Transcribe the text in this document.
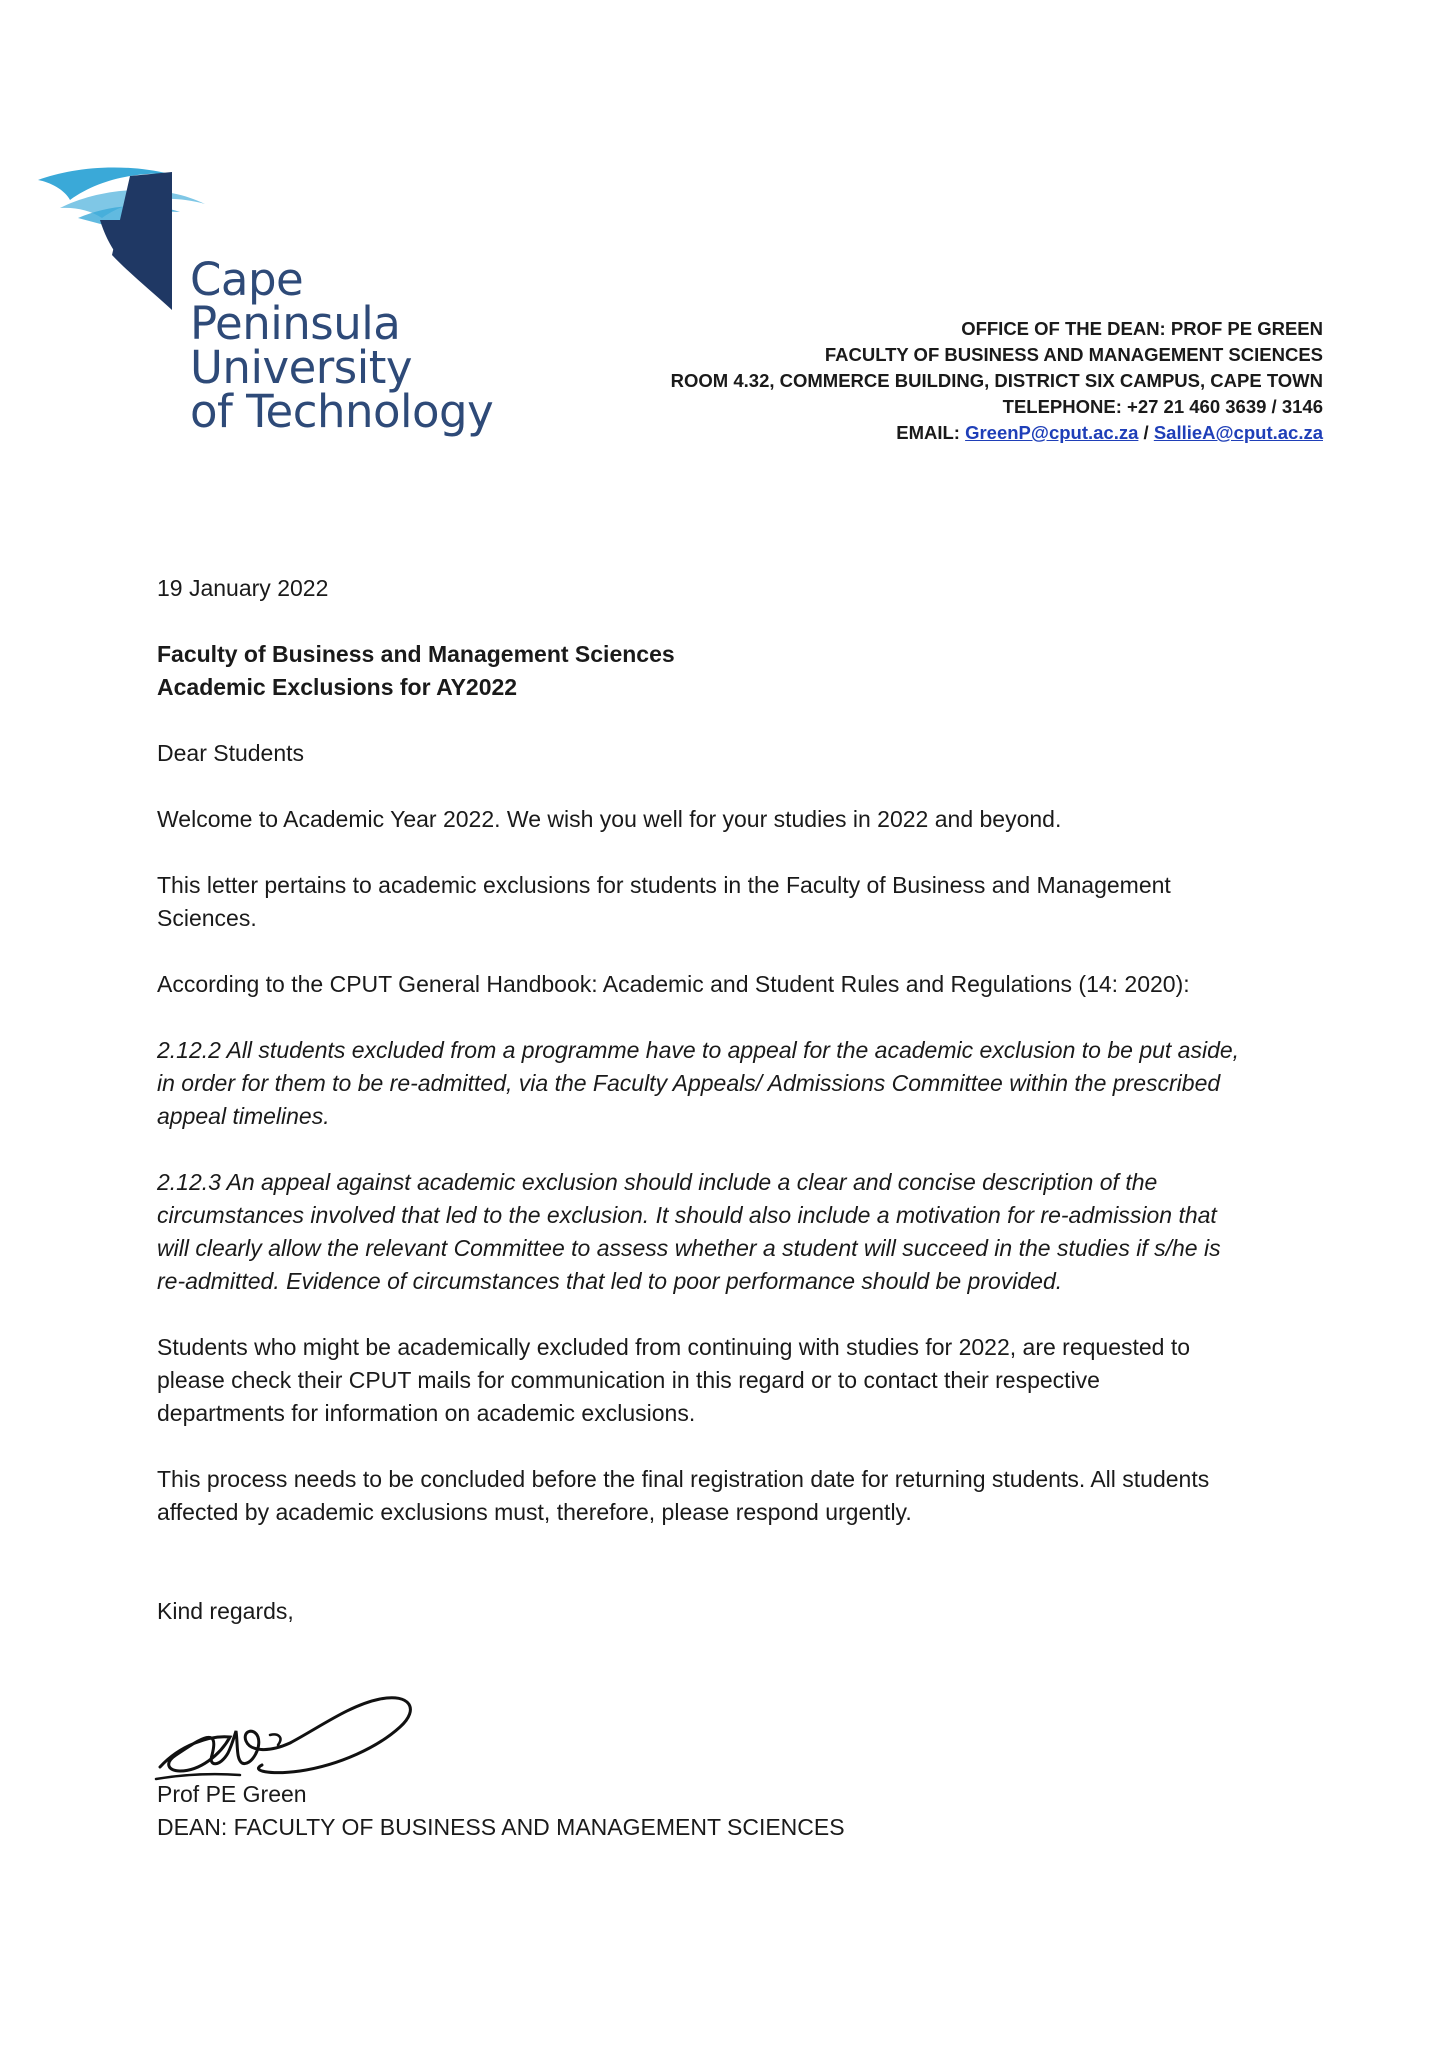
Cape
Peninsula
University
of Technology
OFFICE OF THE DEAN: PROF PE GREEN
FACULTY OF BUSINESS AND MANAGEMENT SCIENCES
ROOM 4.32, COMMERCE BUILDING, DISTRICT SIX CAMPUS, CAPE TOWN
TELEPHONE: +27 21 460 3639 / 3146
EMAIL: GreenP@cput.ac.za / SallieA@cput.ac.za
19 January 2022
Faculty of Business and Management Sciences
Academic Exclusions for AY2022
Dear Students
Welcome to Academic Year 2022. We wish you well for your studies in 2022 and beyond.
This letter pertains to academic exclusions for students in the Faculty of Business and Management
Sciences.
According to the CPUT General Handbook: Academic and Student Rules and Regulations (14: 2020):
2.12.2 All students excluded from a programme have to appeal for the academic exclusion to be put aside,
in order for them to be re-admitted, via the Faculty Appeals/ Admissions Committee within the prescribed
appeal timelines.
2.12.3 An appeal against academic exclusion should include a clear and concise description of the
circumstances involved that led to the exclusion. It should also include a motivation for re-admission that
will clearly allow the relevant Committee to assess whether a student will succeed in the studies if s/he is
re-admitted. Evidence of circumstances that led to poor performance should be provided.
Students who might be academically excluded from continuing with studies for 2022, are requested to
please check their CPUT mails for communication in this regard or to contact their respective
departments for information on academic exclusions.
This process needs to be concluded before the final registration date for returning students. All students
affected by academic exclusions must, therefore, please respond urgently.
Kind regards,
Prof PE Green
DEAN: FACULTY OF BUSINESS AND MANAGEMENT SCIENCES
